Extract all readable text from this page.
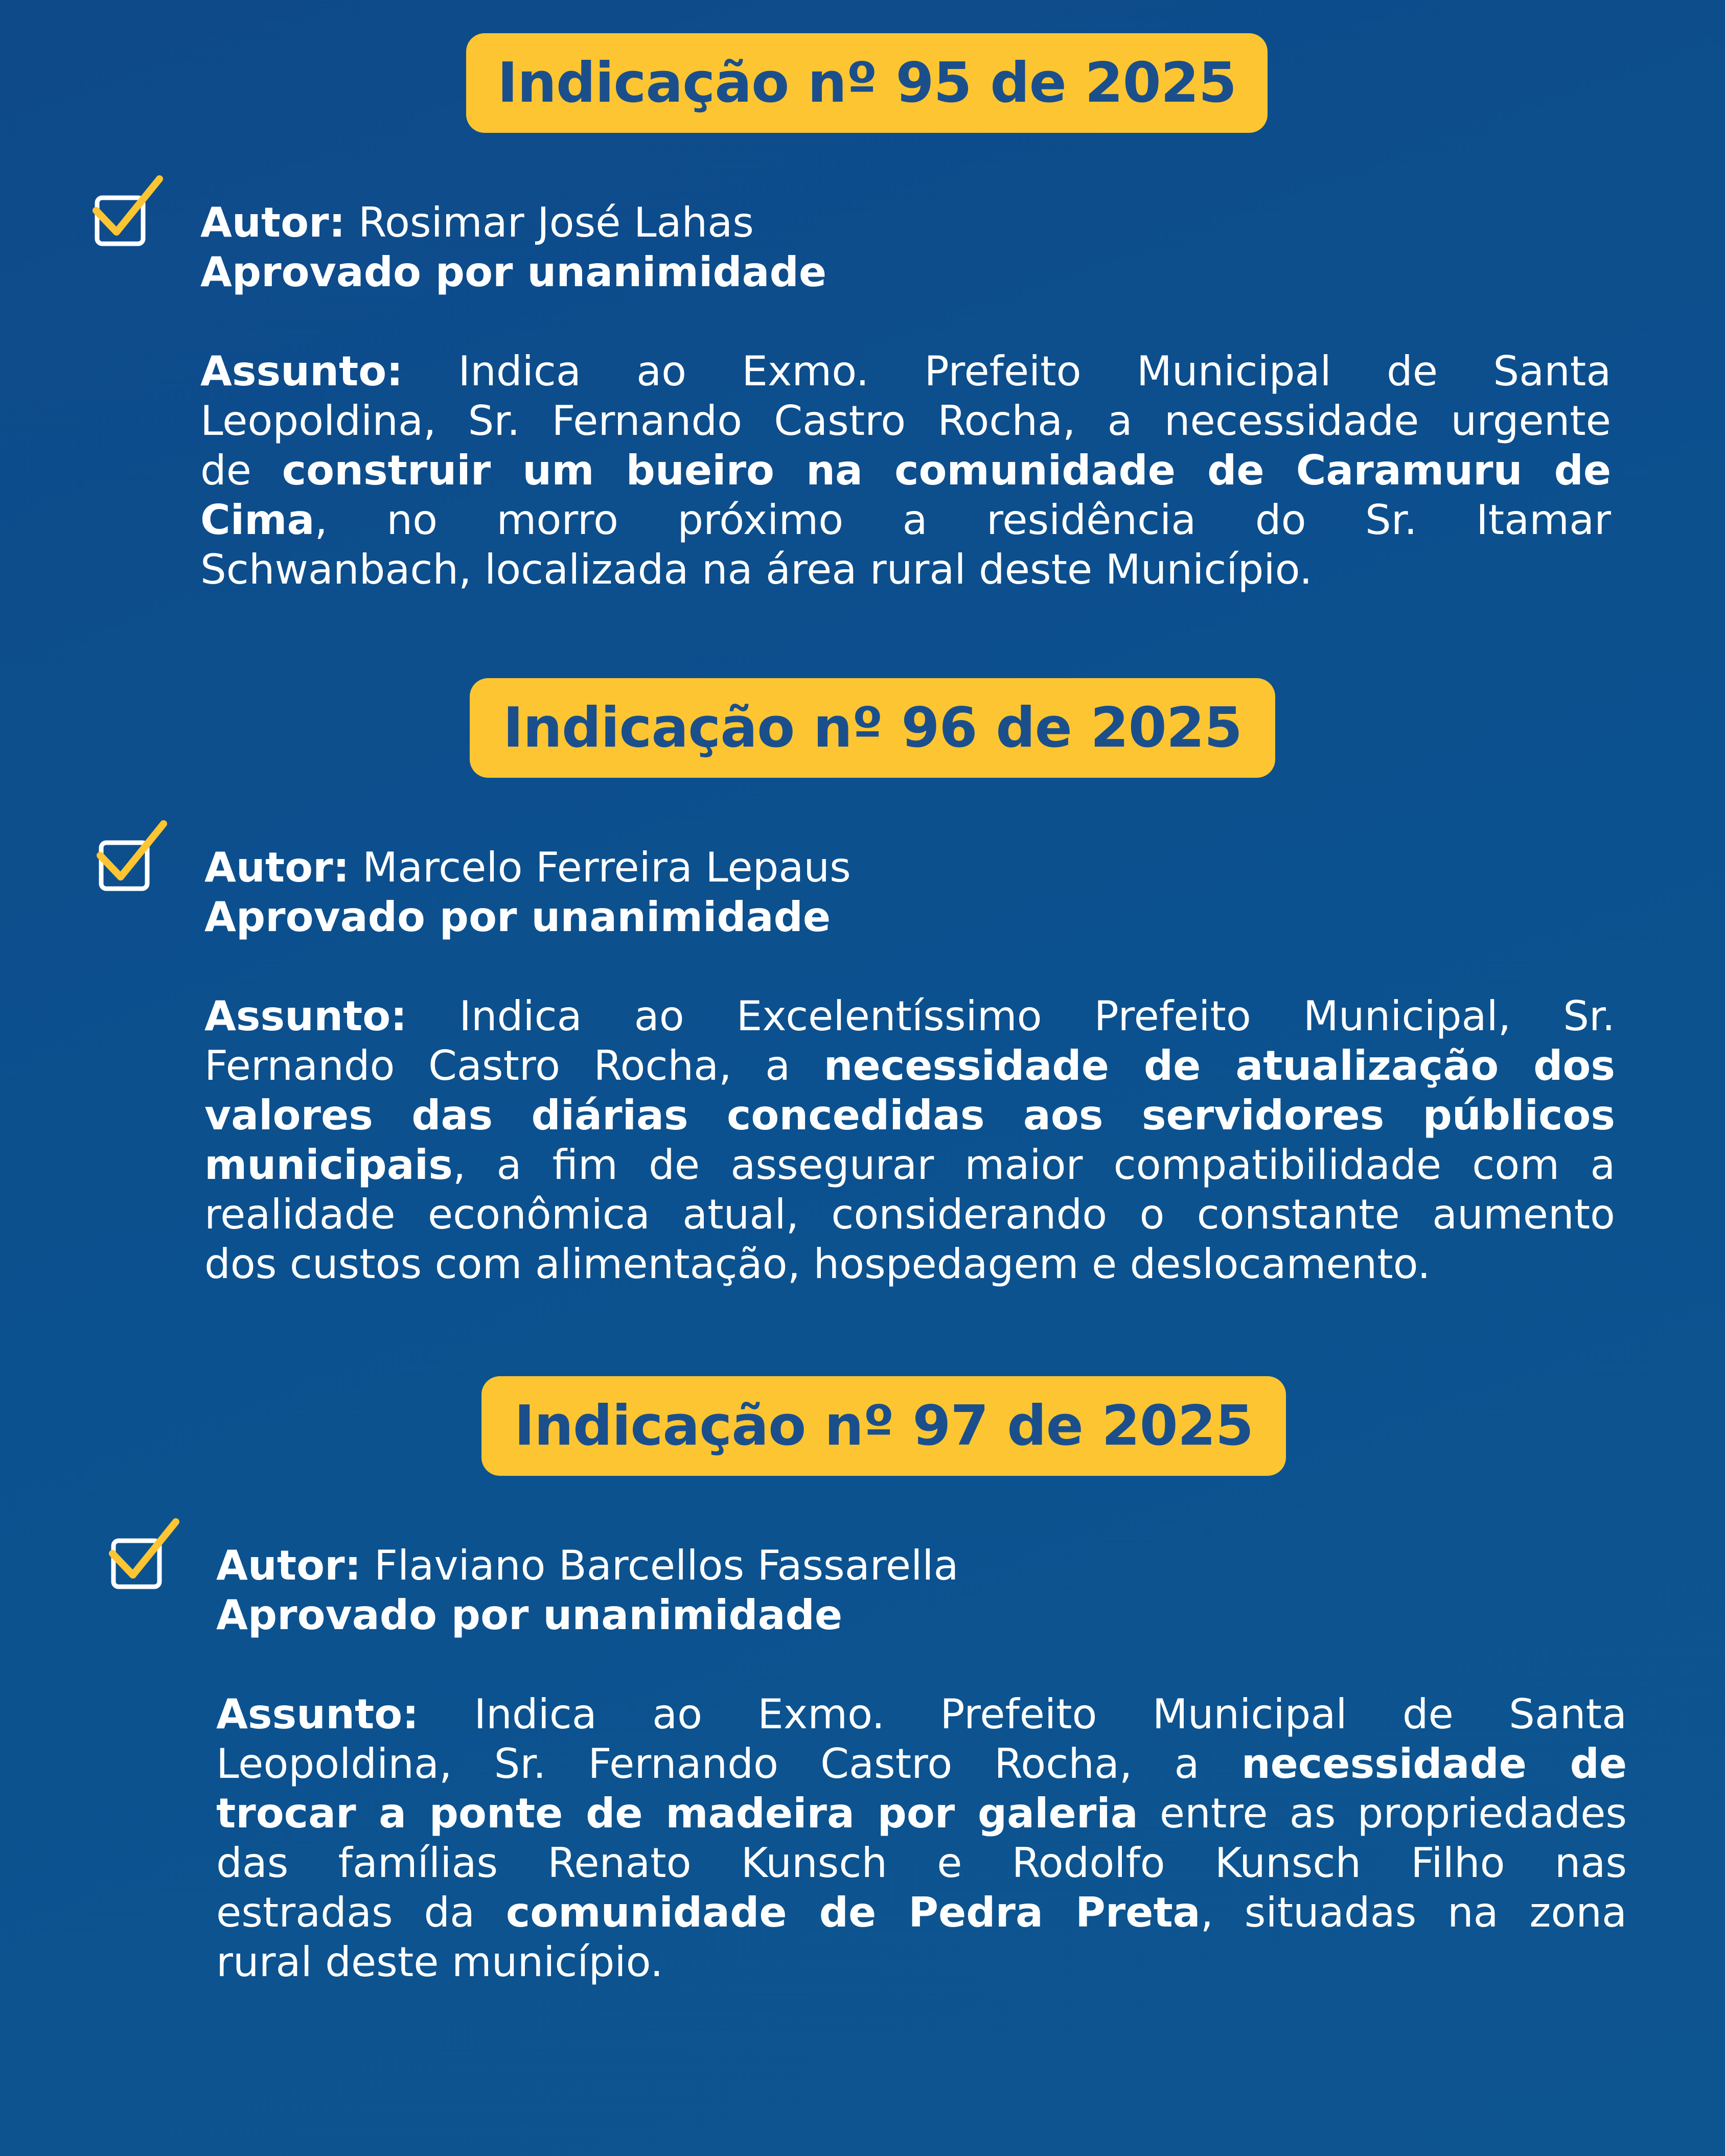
Indicação nº 95 de 2025
Autor: Rosimar José Lahas
Aprovado por unanimidade
Assunto: Indica ao Exmo. Prefeito Municipal de Santa
Leopoldina, Sr. Fernando Castro Rocha, a necessidade urgente
de construir um bueiro na comunidade de Caramuru de
Cima, no morro próximo a residência do Sr. Itamar
Schwanbach, localizada na área rural deste Município.
Indicação nº 96 de 2025
Autor: Marcelo Ferreira Lepaus
Aprovado por unanimidade
Assunto: Indica ao Excelentíssimo Prefeito Municipal, Sr.
Fernando Castro Rocha, a necessidade de atualização dos
valores das diárias concedidas aos servidores públicos
municipais, a fim de assegurar maior compatibilidade com a
realidade econômica atual, considerando o constante aumento
dos custos com alimentação, hospedagem e deslocamento.
Indicação nº 97 de 2025
Autor: Flaviano Barcellos Fassarella
Aprovado por unanimidade
Assunto: Indica ao Exmo. Prefeito Municipal de Santa
Leopoldina, Sr. Fernando Castro Rocha, a necessidade de
trocar a ponte de madeira por galeria entre as propriedades
das famílias Renato Kunsch e Rodolfo Kunsch Filho nas
estradas da comunidade de Pedra Preta, situadas na zona
rural deste município.
